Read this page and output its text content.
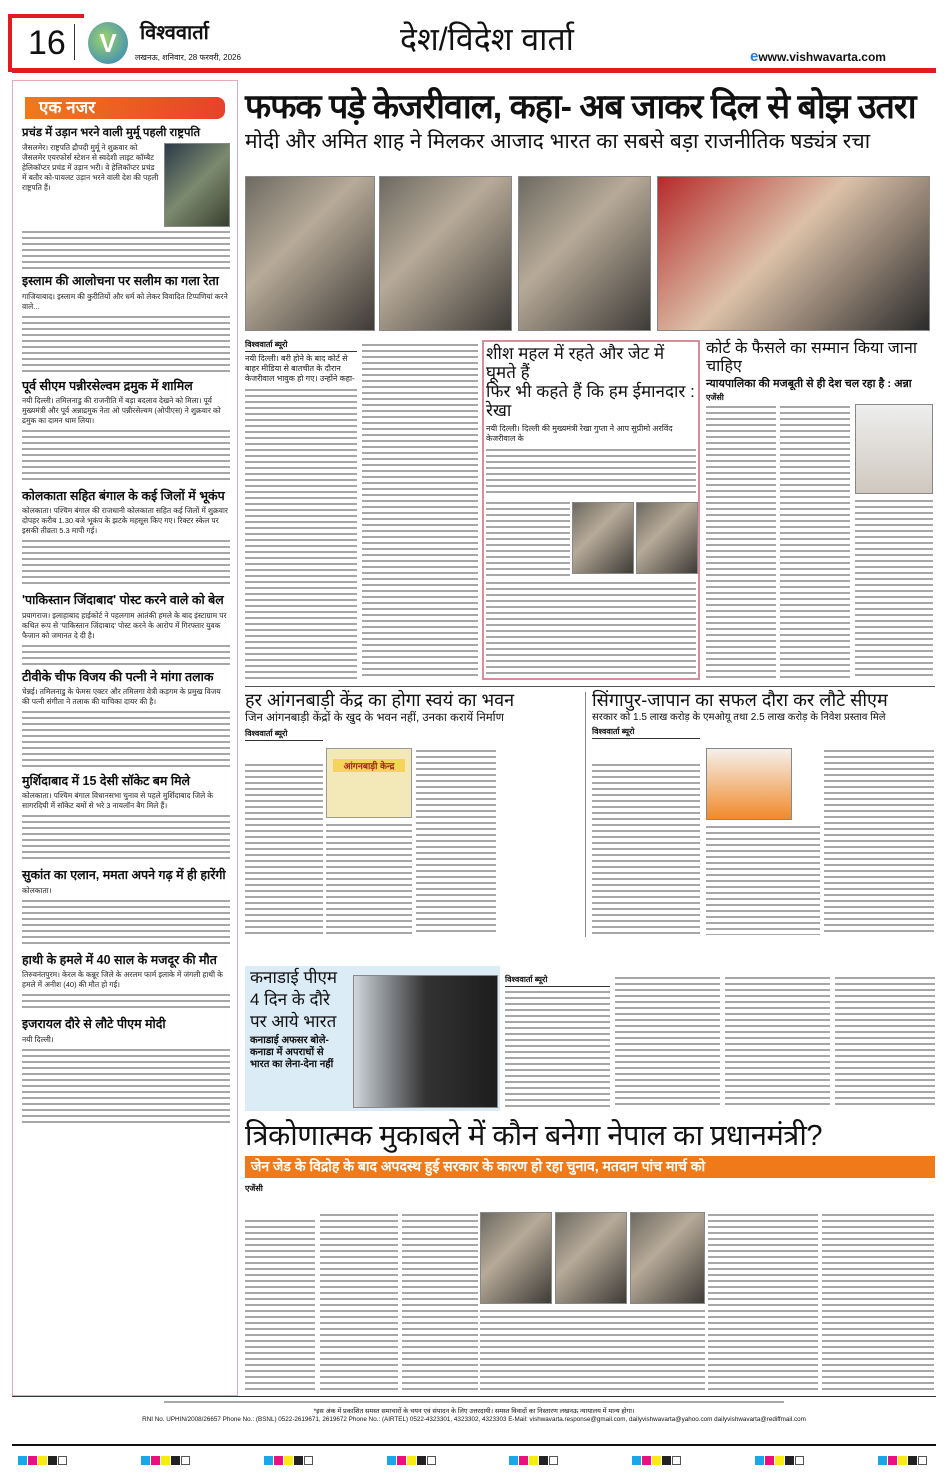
16	V	विश्ववार्ता
लखनऊ, शनिवार, 28 फरवरी, 2026
देश/विदेश वार्ता	ewww.vishwavarta.com
एक नजर
प्रचंड में उड़ान भरने वाली मुर्मू पहली राष्ट्रपति
जैसलमेर। राष्ट्रपति द्रौपदी मुर्मू ने शुक्रवार को जैसलमेर एयरफोर्स स्टेशन से स्वदेशी लाइट कॉम्बैट हेलिकॉप्टर प्रचंड में उड़ान भरी। वे हेलिकॉप्टर प्रचंड में बतौर को-पायलट उड़ान भरने वाली देश की पहली राष्ट्रपति हैं।
इस्लाम की आलोचना पर सलीम का गला रेता
गाजियाबाद। इस्लाम की कुरीतियों और धर्म को लेकर विवादित टिप्पणियां करने वाले...
पूर्व सीएम पन्नीरसेल्वम द्रमुक में शामिल
नयी दिल्ली। तमिलनाडु की राजनीति में बड़ा बदलाव देखने को मिला। पूर्व मुख्यमंत्री और पूर्व अन्नाद्रमुक नेता ओ पन्नीरसेल्वम (ओपीएस) ने शुक्रवार को द्रमुक का दामन थाम लिया।
कोलकाता सहित बंगाल के कई जिलों में भूकंप
कोलकाता। पश्चिम बंगाल की राजधानी कोलकाता सहित कई जिलों में शुक्रवार दोपहर करीब 1.30 बजे भूकंप के झटके महसूस किए गए। रिक्टर स्केल पर इसकी तीव्रता 5.3 मापी गई।
'पाकिस्तान जिंदाबाद' पोस्ट करने वाले को बेल
प्रयागराज। इलाहाबाद हाईकोर्ट ने पहलगाम आतंकी हमले के बाद इंस्टाग्राम पर कथित रूप से 'पाकिस्तान जिंदाबाद' पोस्ट करने के आरोप में गिरफ्तार युवक फैजान को जमानत दे दी है।
टीवीके चीफ विजय की पत्नी ने मांगा तलाक
चेन्नई। तमिलनाडु के फेमस एक्टर और तमिलगा वेत्री कड़गम के प्रमुख विजय की पत्नी संगीता ने तलाक की याचिका दायर की है।
मुर्शिदाबाद में 15 देसी सॉकेट बम मिले
कोलकाता। पश्चिम बंगाल विधानसभा चुनाव से पहले मुर्शिदाबाद जिले के सागरदिघी में सॉकेट बमों से भरे 3 नायलॉन बैग मिले हैं।
सुकांत का एलान, ममता अपने गढ़ में ही हारेंगी
कोलकाता।
हाथी के हमले में 40 साल के मजदूर की मौत
तिरुवनंतपुरम। केरल के कन्नूर जिले के अरलम फार्म इलाके में जंगली हाथी के हमले में अनीश (40) की मौत हो गई।
इजरायल दौरे से लौटे पीएम मोदी
नयी दिल्ली।
फफक पड़े केजरीवाल, कहा- अब जाकर दिल से बोझ उतरा
मोदी और अमित शाह ने मिलकर आजाद भारत का सबसे बड़ा राजनीतिक षड्यंत्र रचा
विश्ववार्ता ब्यूरो
नयी दिल्ली। बरी होने के बाद कोर्ट से बाहर मीडिया से बातचीत के दौरान केजरीवाल भावुक हो गए। उन्होंने कहा-
शीश महल में रहते और जेट में घूमते हैं
फिर भी कहते हैं कि हम ईमानदार : रेखा
नयी दिल्ली। दिल्ली की मुख्यमंत्री रेखा गुप्ता ने आप सुप्रीमो अरविंद केजरीवाल के
कोर्ट के फैसले का सम्मान किया जाना चाहिए
न्यायपालिका की मजबूती से ही देश चल रहा है : अन्ना
एजेंसी
हर आंगनबाड़ी केंद्र का होगा स्वयं का भवन
जिन आंगनबाड़ी केंद्रों के खुद के भवन नहीं, उनका करायें निर्माण
विश्ववार्ता ब्यूरो
आंगनबाड़ी केन्द्र
सिंगापुर-जापान का सफल दौरा कर लौटे सीएम
सरकार को 1.5 लाख करोड़ के एमओयू तथा 2.5 लाख करोड़ के निवेश प्रस्ताव मिले
विश्ववार्ता ब्यूरो
कनाडाई पीएम
4 दिन के दौरे
पर आये भारत
कनाडाई अफसर बोले-
कनाडा में अपराधों से
भारत का लेना-देना नहीं
विश्ववार्ता ब्यूरो
त्रिकोणात्मक मुकाबले में कौन बनेगा नेपाल का प्रधानमंत्री?
जेन जेड के विद्रोह के बाद अपदस्थ हुई सरकार के कारण हो रहा चुनाव, मतदान पांच मार्च को
एजेंसी
*इस अंक में प्रकाशित समस्त समाचारों के चयन एवं संपादन के लिए उत्तरदायी। समस्त विवादों का निस्तारण लखनऊ न्यायालय में मान्य होगा।
RNI No. UPHIN/2008/26657 Phone No.: (BSNL) 0522-2619671, 2619672 Phone No.: (AIRTEL) 0522-4323301, 4323302, 4323303 E-Mail: vishwavarta.response@gmail.com, dailyvishwavarta@yahoo.com dailyvishwavarta@rediffmail.com
